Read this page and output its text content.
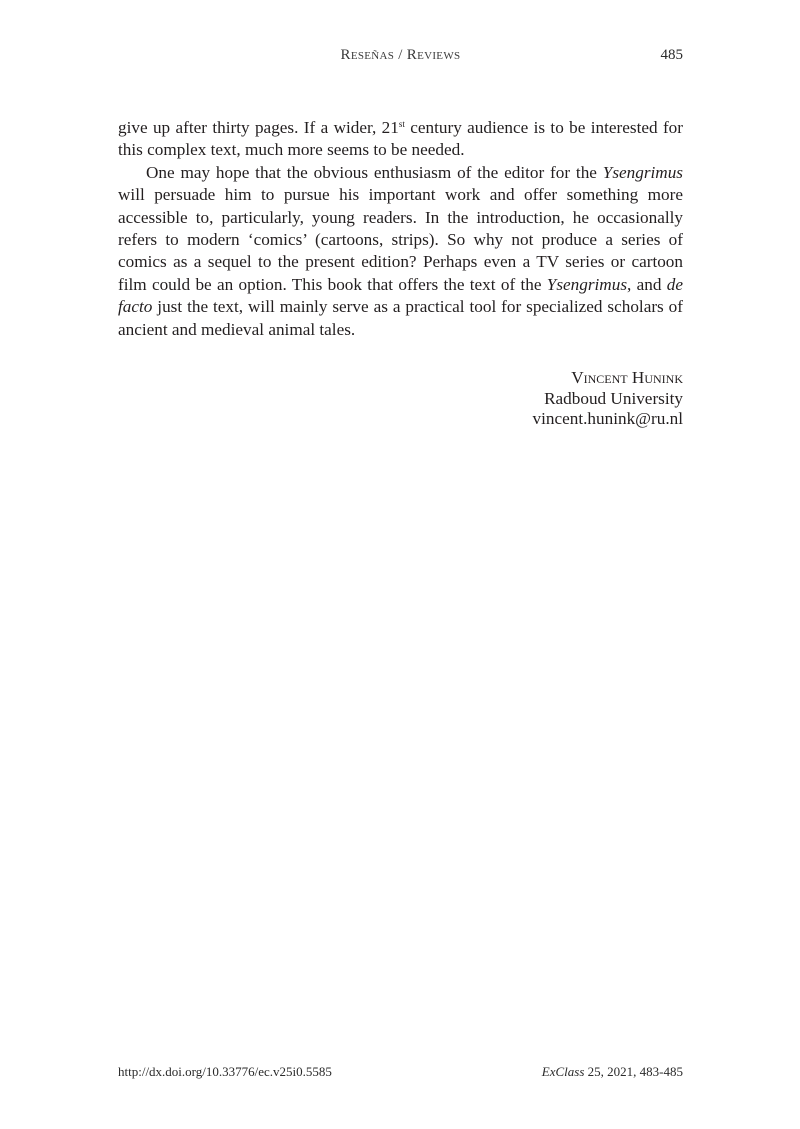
Reseñas / Reviews	485

give up after thirty pages. If a wider, 21st century audience is to be interested for this complex text, much more seems to be needed.

One may hope that the obvious enthusiasm of the editor for the Ysengrimus will persuade him to pursue his important work and offer something more accessible to, particularly, young readers. In the introduction, he occasionally refers to modern ‘comics’ (cartoons, strips). So why not produce a series of comics as a sequel to the present edition? Perhaps even a TV series or cartoon film could be an option. This book that offers the text of the Ysengrimus, and de facto just the text, will mainly serve as a practical tool for specialized scholars of ancient and medieval animal tales.

Vincent Hunink
Radboud University
vincent.hunink@ru.nl
http://dx.doi.org/10.33776/ec.v25i0.5585	ExClass 25, 2021, 483-485
